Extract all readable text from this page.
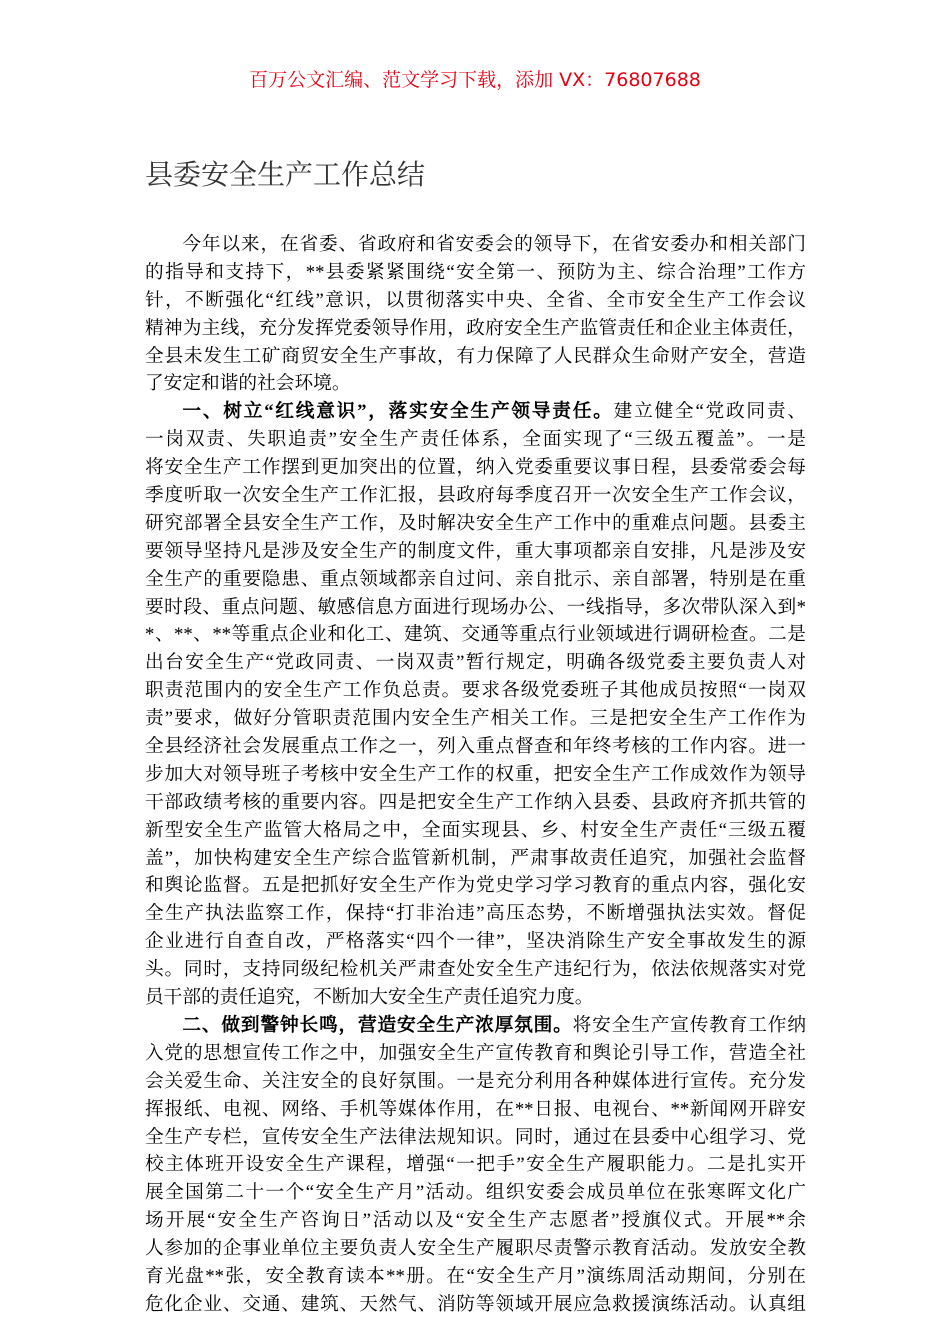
百万公文汇编、范文学习下载，添加 VX：76807688
县委安全生产工作总结
今年以来，在省委、省政府和省安委会的领导下，在省安委办和相关部门
的指导和支持下，**县委紧紧围绕“安全第一、预防为主、综合治理”工作方
针，不断强化“红线”意识，以贯彻落实中央、全省、全市安全生产工作会议
精神为主线，充分发挥党委领导作用，政府安全生产监管责任和企业主体责任，
全县未发生工矿商贸安全生产事故，有力保障了人民群众生命财产安全，营造
了安定和谐的社会环境。
一、树立“红线意识”，落实安全生产领导责任。建立健全“党政同责、
一岗双责、失职追责”安全生产责任体系，全面实现了“三级五覆盖”。一是
将安全生产工作摆到更加突出的位置，纳入党委重要议事日程，县委常委会每
季度听取一次安全生产工作汇报，县政府每季度召开一次安全生产工作会议，
研究部署全县安全生产工作，及时解决安全生产工作中的重难点问题。县委主
要领导坚持凡是涉及安全生产的制度文件，重大事项都亲自安排，凡是涉及安
全生产的重要隐患、重点领域都亲自过问、亲自批示、亲自部署，特别是在重
要时段、重点问题、敏感信息方面进行现场办公、一线指导，多次带队深入到*
*、**、**等重点企业和化工、建筑、交通等重点行业领域进行调研检查。二是
出台安全生产“党政同责、一岗双责”暂行规定，明确各级党委主要负责人对
职责范围内的安全生产工作负总责。要求各级党委班子其他成员按照“一岗双
责”要求，做好分管职责范围内安全生产相关工作。三是把安全生产工作作为
全县经济社会发展重点工作之一，列入重点督查和年终考核的工作内容。进一
步加大对领导班子考核中安全生产工作的权重，把安全生产工作成效作为领导
干部政绩考核的重要内容。四是把安全生产工作纳入县委、县政府齐抓共管的
新型安全生产监管大格局之中，全面实现县、乡、村安全生产责任“三级五覆
盖”，加快构建安全生产综合监管新机制，严肃事故责任追究，加强社会监督
和舆论监督。五是把抓好安全生产作为党史学习学习教育的重点内容，强化安
全生产执法监察工作，保持“打非治违”高压态势，不断增强执法实效。督促
企业进行自查自改，严格落实“四个一律”，坚决消除生产安全事故发生的源
头。同时，支持同级纪检机关严肃查处安全生产违纪行为，依法依规落实对党
员干部的责任追究，不断加大安全生产责任追究力度。
二、做到警钟长鸣，营造安全生产浓厚氛围。将安全生产宣传教育工作纳
入党的思想宣传工作之中，加强安全生产宣传教育和舆论引导工作，营造全社
会关爱生命、关注安全的良好氛围。一是充分利用各种媒体进行宣传。充分发
挥报纸、电视、网络、手机等媒体作用，在**日报、电视台、**新闻网开辟安
全生产专栏，宣传安全生产法律法规知识。同时，通过在县委中心组学习、党
校主体班开设安全生产课程，增强“一把手”安全生产履职能力。二是扎实开
展全国第二十一个“安全生产月”活动。组织安委会成员单位在张寒晖文化广
场开展“安全生产咨询日”活动以及“安全生产志愿者”授旗仪式。开展**余
人参加的企事业单位主要负责人安全生产履职尽责警示教育活动。发放安全教
育光盘**张，安全教育读本**册。在“安全生产月”演练周活动期间，分别在
危化企业、交通、建筑、天然气、消防等领域开展应急救援演练活动。认真组
